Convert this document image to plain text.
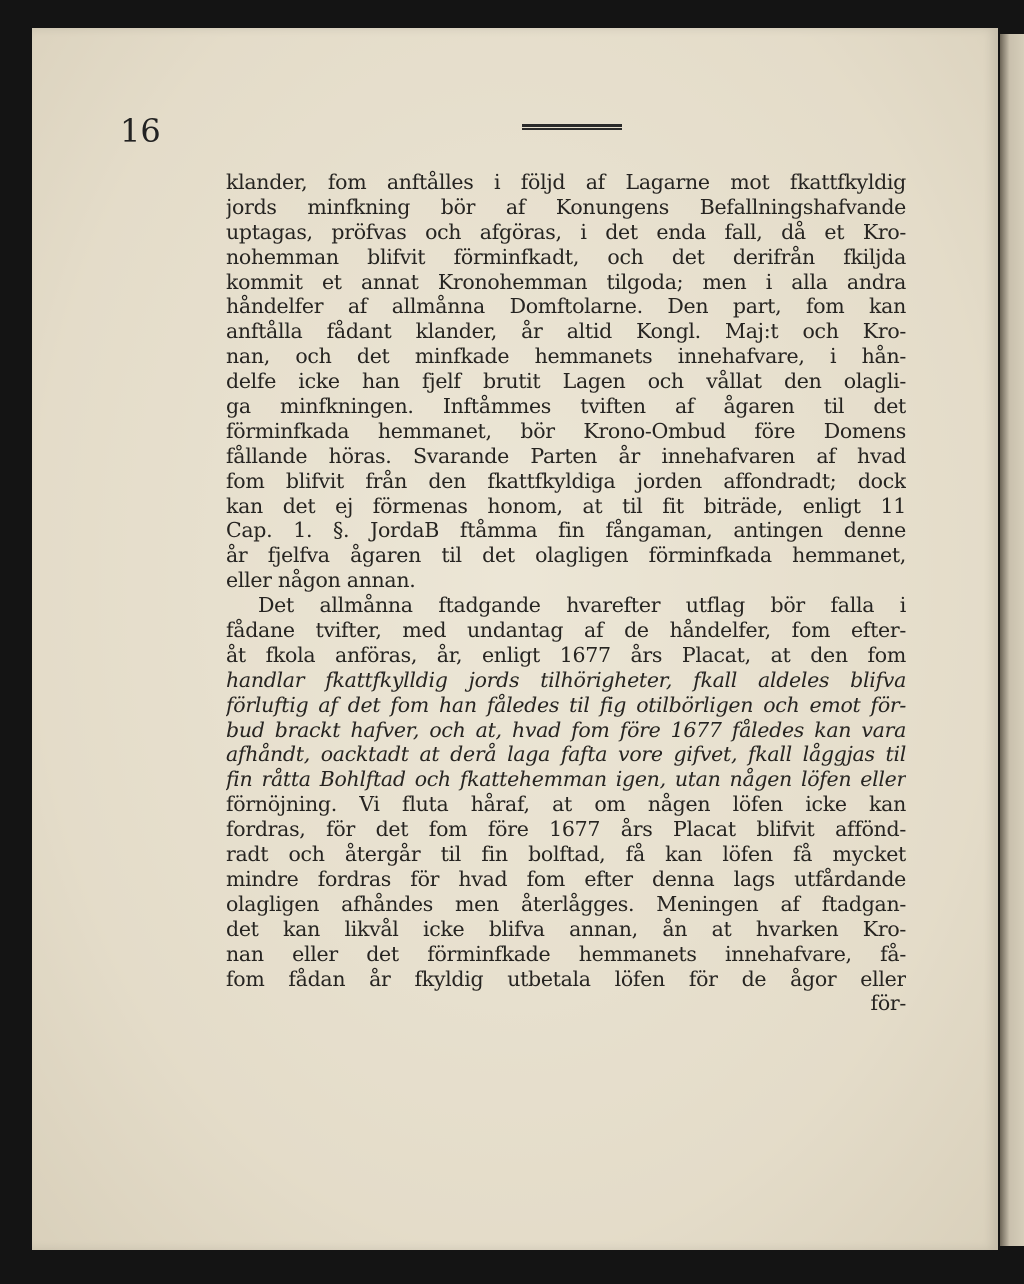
16

klander, fom anftålles i följd af Lagarne mot fkattfkyldig
jords minfkning bör af Konungens Befallningshafvande
uptagas, pröfvas och afgöras, i det enda fall, då et Kro-
nohemman blifvit förminfkadt, och det derifrån fkiljda
kommit et annat Kronohemman tilgoda; men i alla andra
håndelfer af allmånna Domftolarne. Den part, fom kan
anftålla fådant klander, år altid Kongl. Maj:t och Kro-
nan, och det minfkade hemmanets innehafvare, i hån-
delfe icke han fjelf brutit Lagen och vållat den olagli-
ga minfkningen. Inftåmmes tviften af ågaren til det
förminfkada hemmanet, bör Krono-Ombud före Domens
fållande höras. Svarande Parten år innehafvaren af hvad
fom blifvit från den fkattfkyldiga jorden affondradt; dock
kan det ej förmenas honom, at til fit biträde, enligt 11
Cap. 1. §. JordaB ftåmma fin fångaman, antingen denne
år fjelfva ågaren til det olagligen förminfkada hemmanet,
eller någon annan.
Det allmånna ftadgande hvarefter utflag bör falla i
fådane tvifter, med undantag af de håndelfer, fom efter-
åt fkola anföras, år, enligt 1677 års Placat, at den fom
handlar fkattfkylldig jords tilhörigheter, fkall aldeles blifva
förluftig af det fom han fåledes til fig otilbörligen och emot för-
bud brackt hafver, och at, hvad fom före 1677 fåledes kan vara
afhåndt, oacktadt at derå laga fafta vore gifvet, fkall låggjas til
fin råtta Bohlftad och fkattehemman igen, utan någen löfen eller
förnöjning. Vi fluta håraf, at om någen löfen icke kan
fordras, för det fom före 1677 års Placat blifvit affönd-
radt och återgår til fin bolftad, få kan löfen få mycket
mindre fordras för hvad fom efter denna lags utfårdande
olagligen afhåndes men återlågges. Meningen af ftadgan-
det kan likvål icke blifva annan, ån at hvarken Kro-
nan eller det förminfkade hemmanets innehafvare, få-
fom fådan år fkyldig utbetala löfen för de ågor eller
för-
